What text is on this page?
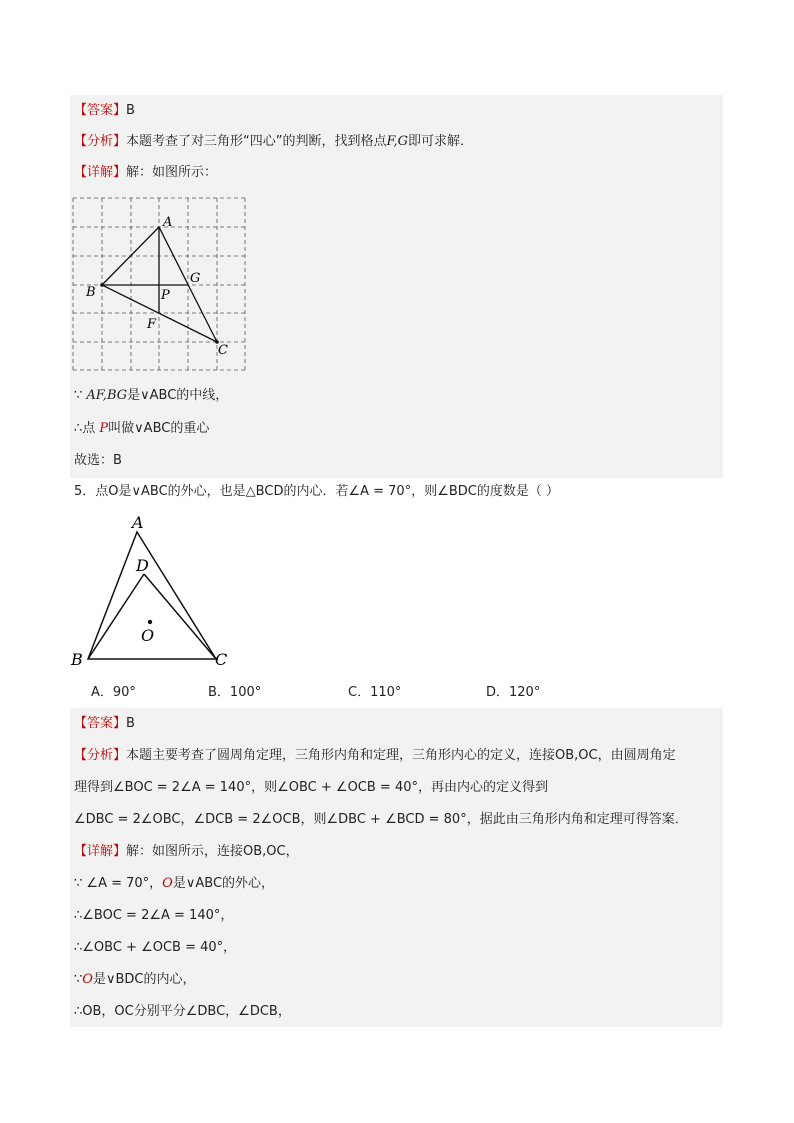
【答案】B
【分析】本题考查了对三角形“四心”的判断，找到格点F,G即可求解．
【详解】解：如图所示：
A
B
C
P
G
F
∵ AF,BG是∨ABC的中线，
∴点 P叫做∨ABC的重心
故选：B
5．点O是∨ABC的外心，也是△BCD的内心．若∠A = 70°，则∠BDC的度数是（ ）
A
D
O
B	C
A．90°	B．100°	C．110°	D．120°
【答案】B
【分析】本题主要考查了圆周角定理，三角形内角和定理，三角形内心的定义，连接OB,OC，由圆周角定
理得到∠BOC = 2∠A = 140°，则∠OBC + ∠OCB = 40°，再由内心的定义得到
∠DBC = 2∠OBC，∠DCB = 2∠OCB，则∠DBC + ∠BCD = 80°，据此由三角形内角和定理可得答案．
【详解】解：如图所示，连接OB,OC，
∵ ∠A = 70°，O是∨ABC的外心，
∴∠BOC = 2∠A = 140°，
∴∠OBC + ∠OCB = 40°，
∵O是∨BDC的内心，
∴OB，OC分别平分∠DBC，∠DCB，
